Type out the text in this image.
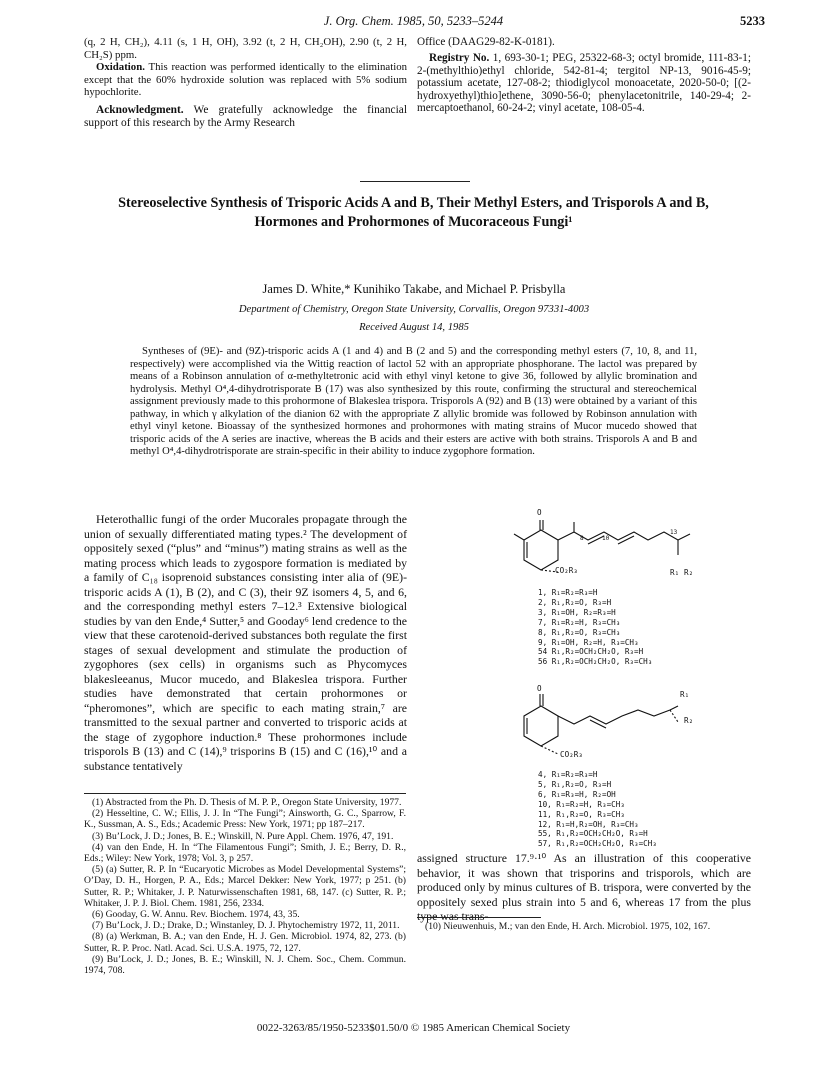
J. Org. Chem. 1985, 50, 5233–5244	5233

(q, 2 H, CH₂), 4.11 (s, 1 H, OH), 3.92 (t, 2 H, CH₂OH), 2.90 (t, 2 H, CH₂S) ppm.

Oxidation. This reaction was performed identically to the elimination except that the 60% hydroxide solution was replaced with 5% sodium hypochlorite.

Acknowledgment. We gratefully acknowledge the financial support of this research by the Army Research

Office (DAAG29-82-K-0181).

Registry No. 1, 693-30-1; PEG, 25322-68-3; octyl bromide, 111-83-1; 2-(methylthio)ethyl chloride, 542-81-4; tergitol NP-13, 9016-45-9; potassium acetate, 127-08-2; thiodiglycol monoacetate, 2020-50-0; [(2-hydroxyethyl)thio]ethene, 3090-56-0; phenylacetonitrile, 140-29-4; 2-mercaptoethanol, 60-24-2; vinyl acetate, 108-05-4.

Stereoselective Synthesis of Trisporic Acids A and B, Their Methyl Esters, and Trisporols A and B, Hormones and Prohormones of Mucoraceous Fungi¹
James D. White,* Kunihiko Takabe, and Michael P. Prisbylla
Department of Chemistry, Oregon State University, Corvallis, Oregon 97331-4003
Received August 14, 1985
Syntheses of (9E)- and (9Z)-trisporic acids A (1 and 4) and B (2 and 5) and the corresponding methyl esters (7, 10, 8, and 11, respectively) were accomplished via the Wittig reaction of lactol 52 with an appropriate phosphorane. The lactol was prepared by means of a Robinson annulation of α-methyltetronic acid with ethyl vinyl ketone to give 36, followed by allylic bromination and hydrolysis. Methyl O⁴,4-dihydrotrisporate B (17) was also synthesized by this route, confirming the structural and stereochemical assignment previously made to this prohormone of Blakeslea trispora. Trisporols A (92) and B (13) were obtained by a variant of this pathway, in which γ alkylation of the dianion 62 with the appropriate Z allylic bromide was followed by Robinson annulation with ethyl vinyl ketone. Bioassay of the synthesized hormones and prohormones with mating strains of Mucor mucedo showed that trisporic acids of the A series are inactive, whereas the B acids and their esters are active with both strains. Trisporols A and B and methyl O⁴,4-dihydrotrisporate are strain-specific in their ability to induce zygophore formation.

Heterothallic fungi of the order Mucorales propagate through the union of sexually differentiated mating types.² The development of oppositely sexed (“plus” and “minus”) mating strains as well as the mating process which leads to zygospore formation is mediated by a family of C₁₈ isoprenoid substances consisting inter alia of (9E)-trisporic acids A (1), B (2), and C (3), their 9Z isomers 4, 5, and 6, and the corresponding methyl esters 7–12.³ Extensive biological studies by van den Ende,⁴ Sutter,⁵ and Gooday⁶ lend credence to the view that these carotenoid-derived substances both regulate the first stages of sexual development and stimulate the production of zygophores (sex cells) in organisms such as Phycomyces blakesleeanus, Mucor mucedo, and Blakeslea trispora. Further studies have demonstrated that certain prohormones or “pheromones”, which are specific to each mating strain,⁷ are transmitted to the sexual partner and converted to trisporic acids at the stage of zygophore induction.⁸ These prohormones include trisporols B (13) and C (14),⁹ trisporins B (15) and C (16),¹⁰ and a substance tentatively

(1) Abstracted from the Ph. D. Thesis of M. P. P., Oregon State University, 1977.

(2) Hesseltine, C. W.; Ellis, J. J. In “The Fungi”; Ainsworth, G. C., Sparrow, F. K., Sussman, A. S., Eds.; Academic Press: New York, 1971; pp 187–217.

(3) Bu’Lock, J. D.; Jones, B. E.; Winskill, N. Pure Appl. Chem. 1976, 47, 191.

(4) van den Ende, H. In “The Filamentous Fungi”; Smith, J. E.; Berry, D. R., Eds.; Wiley: New York, 1978; Vol. 3, p 257.

(5) (a) Sutter, R. P. In “Eucaryotic Microbes as Model Developmental Systems”; O’Day, D. H., Horgen, P. A., Eds.; Marcel Dekker: New York, 1977; p 251. (b) Sutter, R. P.; Whitaker, J. P. Naturwissenschaften 1981, 68, 147. (c) Sutter, R. P.; Whitaker, J. P. J. Biol. Chem. 1981, 256, 2334.

(6) Gooday, G. W. Annu. Rev. Biochem. 1974, 43, 35.

(7) Bu’Lock, J. D.; Drake, D.; Winstanley, D. J. Phytochemistry 1972, 11, 2011.

(8) (a) Werkman, B. A.; van den Ende, H. J. Gen. Microbiol. 1974, 82, 273. (b) Sutter, R. P. Proc. Natl. Acad. Sci. U.S.A. 1975, 72, 127.

(9) Bu’Lock, J. D.; Jones, B. E.; Winskill, N. J. Chem. Soc., Chem. Commun. 1974, 708.

O
8	10
13
CO₂R₃	R₁ R₂
1, R₁=R₂=R₃=H
2, R₁,R₂=O, R₃=H
3, R₁=OH, R₂=R₃=H
7, R₁=R₂=H, R₃=CH₃
8, R₁,R₂=O, R₃=CH₃
9, R₁=OH, R₂=H, R₃=CH₃
54 R₁,R₂=OCH₂CH₂O, R₃=H
56 R₁,R₂=OCH₂CH₂O, R₃=CH₃
O
R₁
R₂
CO₂R₃
4, R₁=R₂=R₃=H
5, R₁,R₂=O, R₃=H
6, R₁=R₃=H, R₂=OH
10, R₁=R₂=H, R₃=CH₃
11, R₁,R₂=O, R₃=CH₃
12, R₁=H,R₂=OH, R₃=CH₃
55, R₁,R₂=OCH₂CH₂O, R₃=H
57, R₁,R₂=OCH₂CH₂O, R₃=CH₃
assigned structure 17.⁹·¹⁰ As an illustration of this cooperative behavior, it was shown that trisporins and trisporols, which are produced only by minus cultures of B. trispora, were converted by the oppositely sexed plus strain into 5 and 6, whereas 17 from the plus type was trans-
(10) Nieuwenhuis, M.; van den Ende, H. Arch. Microbiol. 1975, 102, 167.
0022-3263/85/1950-5233$01.50/0 © 1985 American Chemical Society
